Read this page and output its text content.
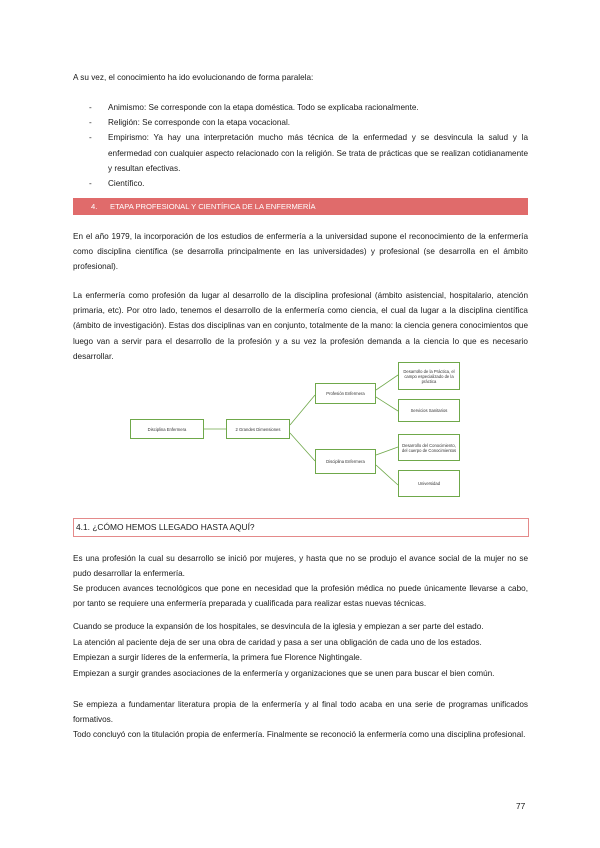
A su vez, el conocimiento ha ido evolucionando de forma paralela:

- Animismo: Se corresponde con la etapa doméstica. Todo se explicaba racionalmente.
- Religión: Se corresponde con la etapa vocacional.
- Empirismo: Ya hay una interpretación mucho más técnica de la enfermedad y se desvincula la salud y la enfermedad con cualquier aspecto relacionado con la religión. Se trata de prácticas que se realizan cotidianamente y resultan efectivas.
- Científico.
4. ETAPA PROFESIONAL Y CIENTÍFICA DE LA ENFERMERÍA

En el año 1979, la incorporación de los estudios de enfermería a la universidad supone el reconocimiento de la enfermería como disciplina científica (se desarrolla principalmente en las universidades) y profesional (se desarrolla en el ámbito profesional).

La enfermería como profesión da lugar al desarrollo de la disciplina profesional (ámbito asistencial, hospitalario, atención primaria, etc). Por otro lado, tenemos el desarrollo de la enfermería como ciencia, el cual da lugar a la disciplina científica (ámbito de investigación). Estas dos disciplinas van en conjunto, totalmente de la mano: la ciencia genera conocimientos que luego van a servir para el desarrollo de la profesión y a su vez la profesión demanda a la ciencia lo que es necesario desarrollar.

Disciplina Enfermera	2 Grandes Dimensiones
Profesión Enfermera
Disciplina Enfermera
Desarrollo de la Práctica, el campo especializado de la práctica
Servicios Sanitarios
Desarrollo del Conocimiento, del cuerpo de Conocimientos
Universidad
4.1. ¿CÓMO HEMOS LLEGADO HASTA AQUÍ?

Es una profesión la cual su desarrollo se inició por mujeres, y hasta que no se produjo el avance social de la mujer no se pudo desarrollar la enfermería.

Se producen avances tecnológicos que pone en necesidad que la profesión médica no puede únicamente llevarse a cabo, por tanto se requiere una enfermería preparada y cualificada para realizar estas nuevas técnicas.

Cuando se produce la expansión de los hospitales, se desvincula de la iglesia y empiezan a ser parte del estado.

La atención al paciente deja de ser una obra de caridad y pasa a ser una obligación de cada uno de los estados.

Empiezan a surgir líderes de la enfermería, la primera fue Florence Nightingale.

Empiezan a surgir grandes asociaciones de la enfermería y organizaciones que se unen para buscar el bien común.

Se empieza a fundamentar literatura propia de la enfermería y al final todo acaba en una serie de programas unificados formativos.

Todo concluyó con la titulación propia de enfermería. Finalmente se reconoció la enfermería como una disciplina profesional.

77
